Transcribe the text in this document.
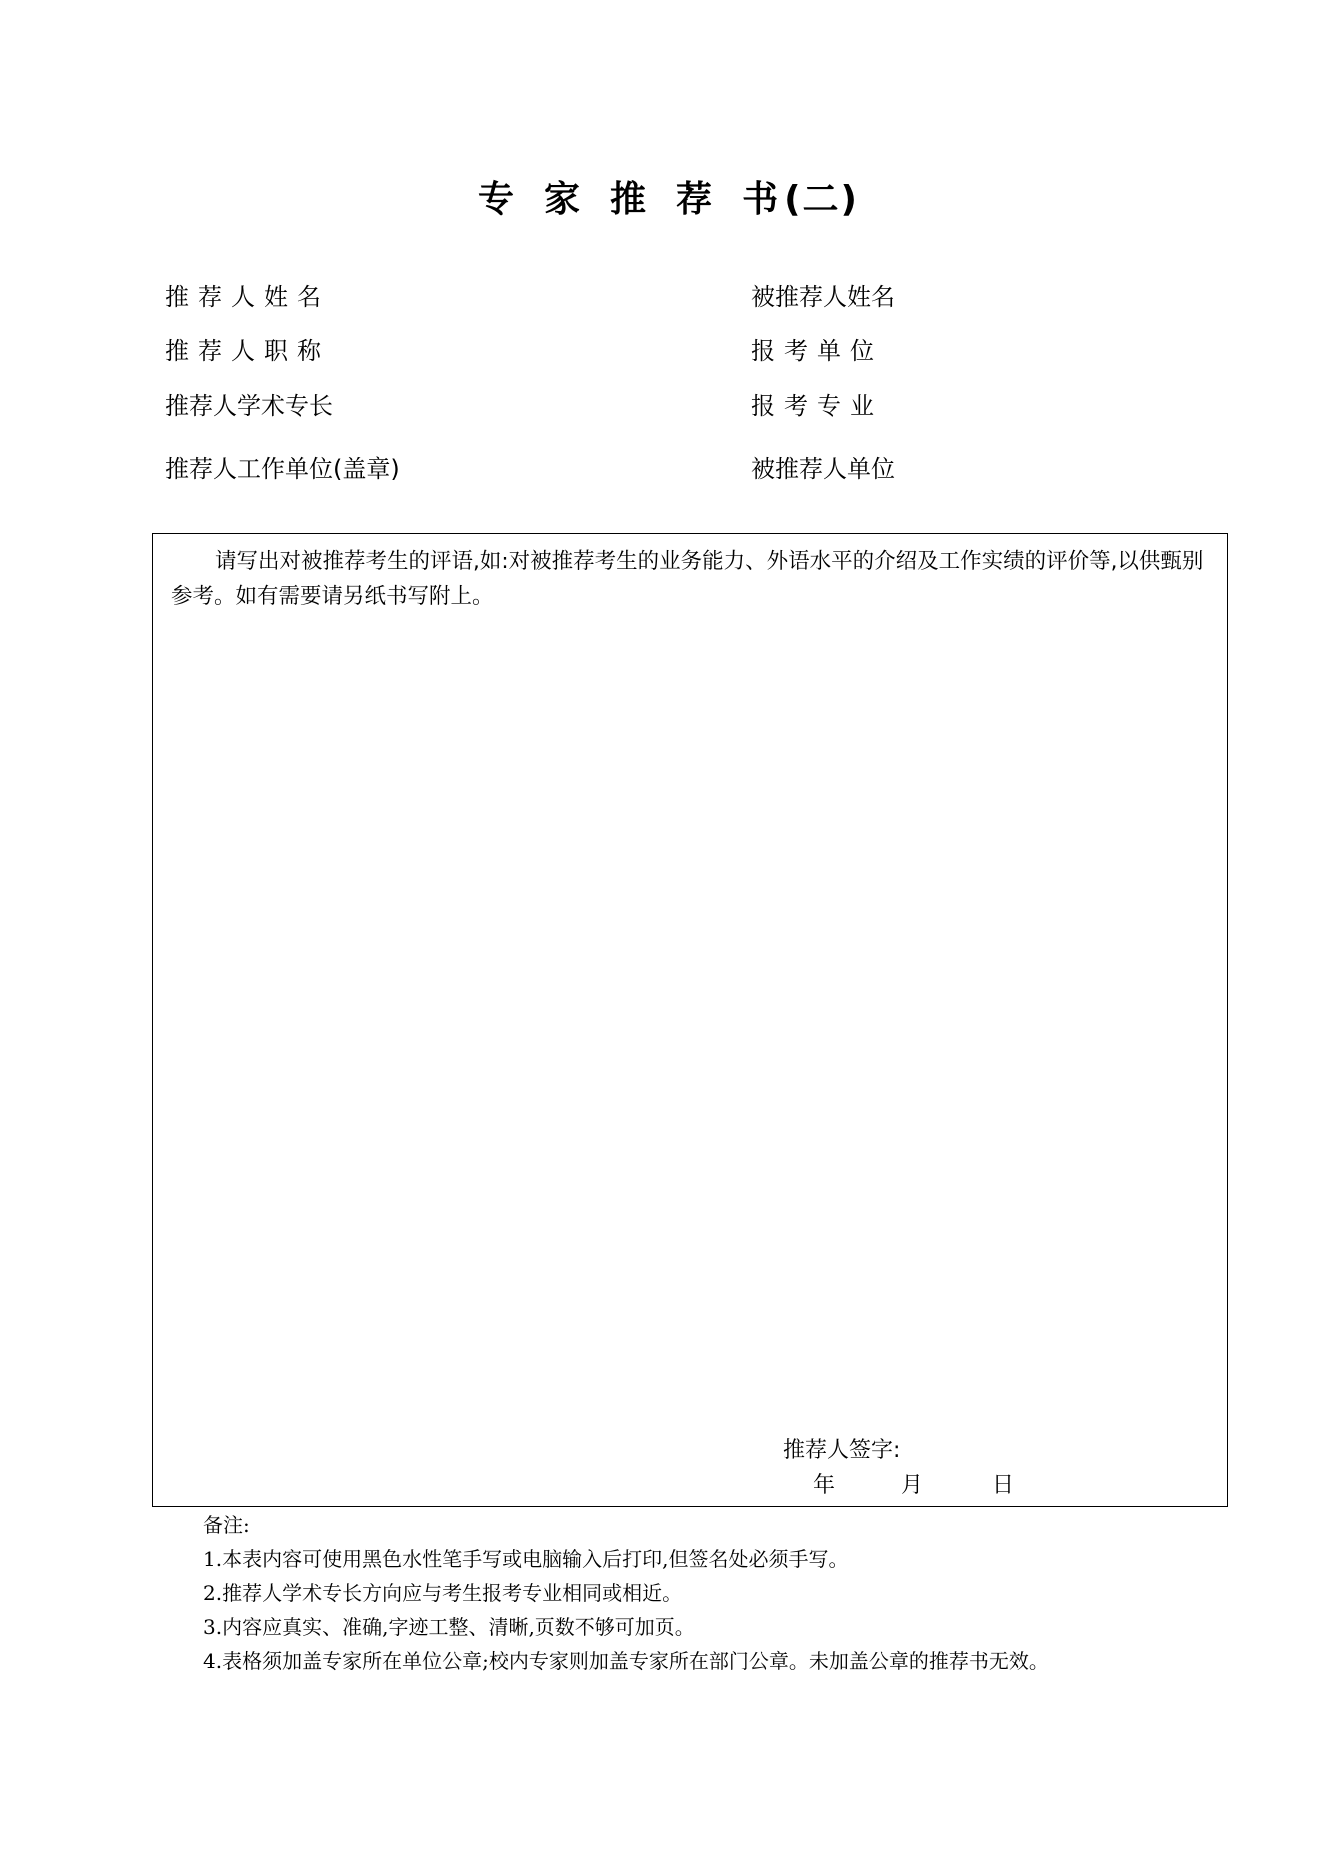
专 家 推 荐 书 (二)
推荐人姓名
推荐人职称
推荐人学术专长
推荐人工作单位(盖章)
被推荐人姓名
报考单位
报考专业
被推荐人单位

请写出对被推荐考生的评语,如:对被推荐考生的业务能力、外语水平的介绍及工作实绩的评价等,以供甄别参考。如有需要请另纸书写附上。

推荐人签字:
年	月	日
备注:
1.本表内容可使用黑色水性笔手写或电脑输入后打印,但签名处必须手写。
2.推荐人学术专长方向应与考生报考专业相同或相近。
3.内容应真实、准确,字迹工整、清晰,页数不够可加页。
4.表格须加盖专家所在单位公章;校内专家则加盖专家所在部门公章。未加盖公章的推荐书无效。
